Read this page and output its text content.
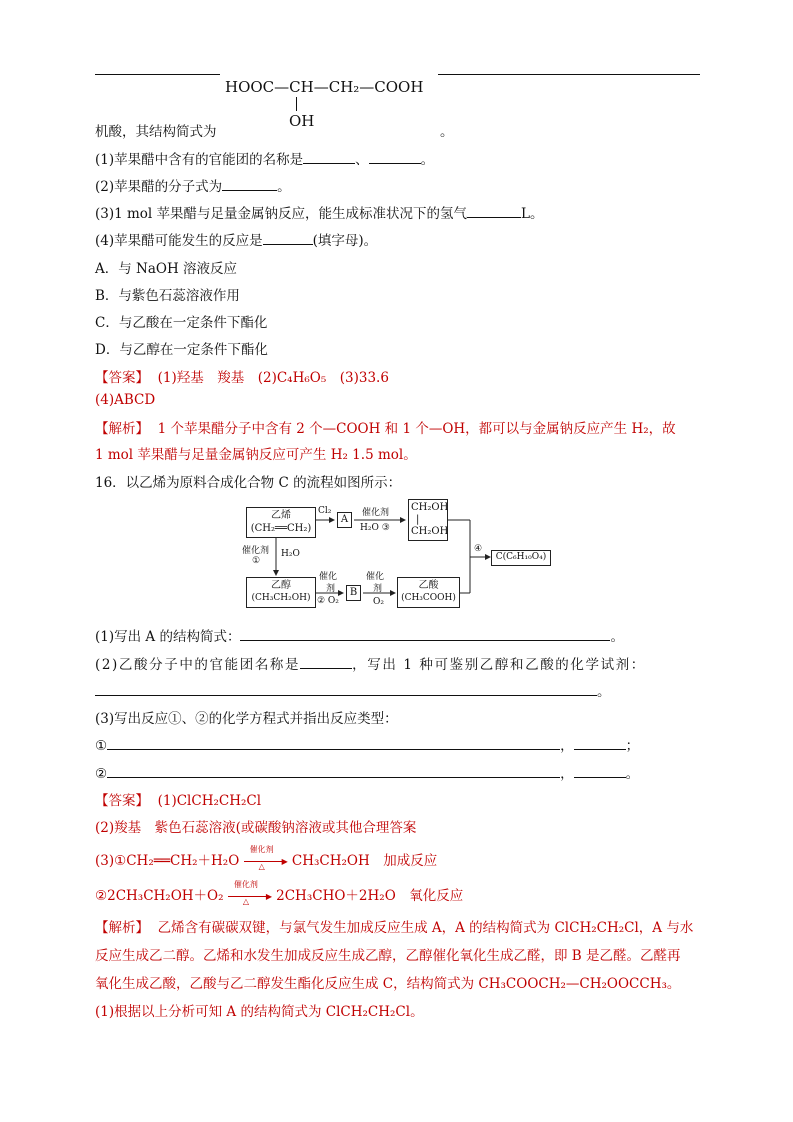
HOOC—CH—CH₂—COOH
OH
机酸，其结构简式为	。
(1)苹果醋中含有的官能团的名称是	、	。
(2)苹果醋的分子式为	。
(3)1 mol 苹果醋与足量金属钠反应，能生成标准状况下的氢气	L。
(4)苹果醋可能发生的反应是	(填字母)。
A．与 NaOH 溶液反应
B．与紫色石蕊溶液作用
C．与乙酸在一定条件下酯化
D．与乙醇在一定条件下酯化
【答案】 (1)羟基　羧基　(2)C₄H₆O₅　(3)33.6
(4)ABCD
【解析】 1 个苹果醋分子中含有 2 个—COOH 和 1 个—OH，都可以与金属钠反应产生 H₂，故
1 mol 苹果醋与足量金属钠反应可产生 H₂ 1.5 mol。
16．以乙烯为原料合成化合物 C 的流程如图所示：
乙烯
(CH₂══CH₂)
Cl₂
A
催化剂
H₂O ③
CH₂OH
|
CH₂OH
④
C(C₆H₁₀O₄)
催化剂
①
H₂O
乙醇
(CH₃CH₂OH)
催化
剂
② O₂
B
催化
剂
O₂
乙酸
(CH₃COOH)
(1)写出 A 的结构简式：	。
(2)乙酸分子中的官能团名称是	，写出 1 种可鉴别乙醇和乙酸的化学试剂：
。
(3)写出反应①、②的化学方程式并指出反应类型：
①	，	；
②	，	。
【答案】 (1)ClCH₂CH₂Cl
(2)羧基　紫色石蕊溶液(或碳酸钠溶液或其他合理答案
(3)①CH₂══CH₂＋H₂O
催化剂
▶
△ CH₃CH₂OH　加成反应
②2CH₃CH₂OH＋O₂
催化剂
▶
△ 2CH₃CHO＋2H₂O　氧化反应
【解析】 乙烯含有碳碳双键，与氯气发生加成反应生成 A，A 的结构简式为 ClCH₂CH₂Cl，A 与水
反应生成乙二醇。乙烯和水发生加成反应生成乙醇，乙醇催化氧化生成乙醛，即 B 是乙醛。乙醛再
氧化生成乙酸，乙酸与乙二醇发生酯化反应生成 C，结构简式为 CH₃COOCH₂—CH₂OOCCH₃。
(1)根据以上分析可知 A 的结构简式为 ClCH₂CH₂Cl。
